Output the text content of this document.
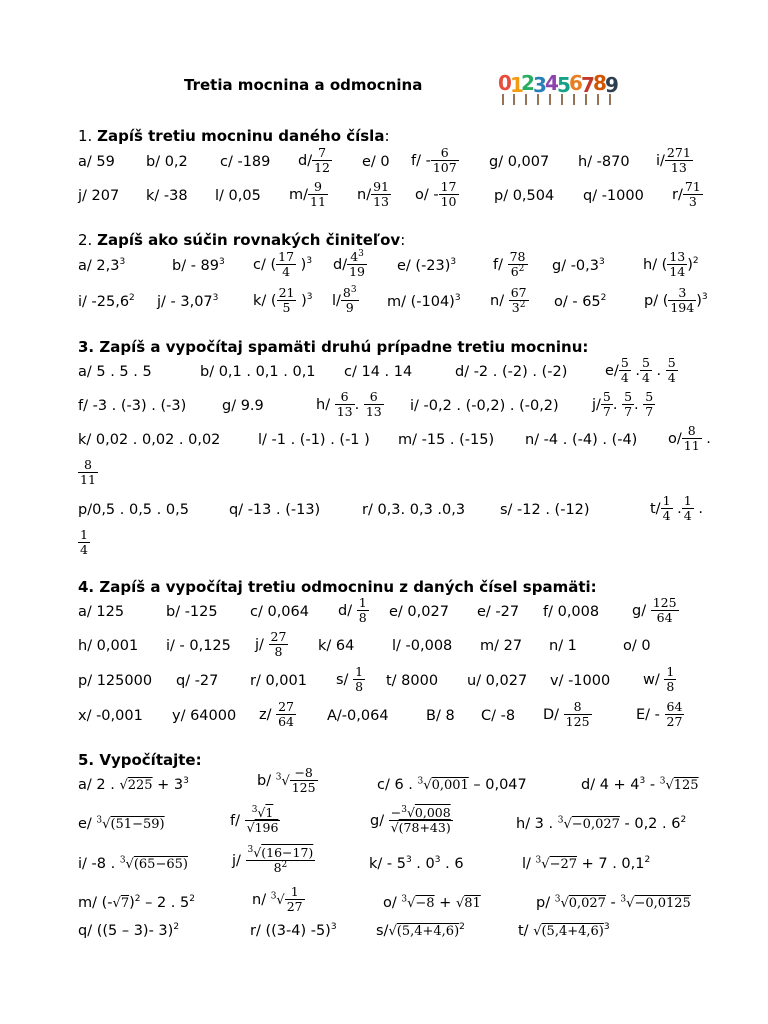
Tretia mocnina a odmocnina	0
1
2
3
4
5
6
7
8
9
1. Zapíš tretiu mocninu daného čísla:
a/ 59 b/ 0,2 c/ -189 $d/ \frac{7}{12} e/$ 0 $f/ - \frac{6}{107} g/$ 0,007 h/ -870 $i/ \frac{271}{13}$
j/ 207 k/ -38 l/ 0,05 $m/ \frac{9}{11} n/ \frac{91}{13} o/ - \frac{17}{10} p/$ 0,504 q/ -1000 $r/ \frac{71}{3}$
2. Zapíš ako súčin rovnakých činiteľov:
a/ $2,3^3$	$b/ - 89^3$ c/ ( $\frac{17}{4} )^3$ $d/ \frac{4^3}{19} e/$ $(-23)^3$	$f/ \frac{78}{6^2} g/$ $-0,3^3$	h/ ( $\frac{13}{14} )^2$
i/ -25,6$^2$ j/ - 3,07$^3$ k/ ( $\frac{21}{5} )^3$ $l/ \frac{8^3}{9} m/$ $(-104)^3$ $n/ \frac{67}{3^2} o/ - 65^2$	p/ ( $\frac{3}{194} )^3$
3. Zapíš a vypočítaj spamäti druhú prípadne tretiu mocninu:
a/ 5 . 5 . 5	b/ 0,1 . 0,1 . 0,1 c/ 14 . 14	d/ -2 . (-2) . (-2)	$e/ \frac{5}{4}$ . $\frac{5}{4}$ . $\frac{5}{4}$
f/ -3 . (-3) . (-3) g/ 9.9	$h/ \frac{6}{13}$ . $\frac{6}{13} i/$ -0,2 . (-0,2) . (-0,2) $j/ \frac{5}{7}$ . $\frac{5}{7}$ . $\frac{5}{7}$
k/ 0,02 . 0,02 . 0,02	l/ -1 . (-1) . (-1 ) m/ -15 . (-15) n/ -4 . (-4) . (-4) $o/ \frac{8}{11}$ .
$\frac{8}{11}$
p/0,5 . 0,5 . 0,5	q/ -13 . (-13)	r/ 0,3. 0,3 .0,3 s/ -12 . (-12)	$t/ \frac{1}{4}$ . $\frac{1}{4}$ .
$\frac{1}{4}$
4. Zapíš a vypočítaj tretiu odmocninu z daných čísel spamäti:
a/ 125	b/ -125 c/ 0,064 $d/ \frac{1}{8} e/$ 0,027 e/ -27 f/ 0,008 $g/ \frac{125}{64}$
h/ 0,001 i/ - 0,125 $j/ \frac{27}{8} k/$ 64	l/ -0,008 m/ 27 n/ 1	o/ 0
p/ 125000 q/ -27 r/ 0,001 $s/ \frac{1}{8} t/$ 8000 u/ 0,027 v/ -1000 $w/ \frac{1}{8}$
x/ -0,001 y/ 64000 $z/ \frac{27}{64} A/-0,064$	B/ 8 C/ -8 $D/ \frac{8}{125}$	$E/ - \frac{64}{27}$
5. Vypočítajte:
a/ 2 . $√225 + 3^3$	b/ $^3√ \frac{-8}{125}$	c/ 6 . $^3$√0,001 – 0,047	d/ $4 + 4^3 - ^3√125$
e/ $^3$√(51−59)	$f/ \frac{^3√1}{√196}$	$g/ \frac{-^3√0,008}{√(78+43)}$	h/ 3 . $^3$√−0,027 - 0,2 . $6^2$
i/ -8 . $^3$√(65−65)	$j/ \frac{^3√(16-17)}{8^2}$	$k/ - 5^3$ . $0^3$ . 6	l/ $^3$√−27 + 7 . $0,1^2$
m/ $(-√7)^2 - 2$ . $5^2$	n/ $^3√ \frac{1}{27}$	o/ $^3$√−8 + √81	p/ $^3$√0,027 - $^3$√−0,0125
q/ ((5 – 3)- 3)$^2$	r/ ((3-4) -5)$^3$	$s/√(5,4+4,6)^2$	t/ $√(5,4+4,6)^3$
